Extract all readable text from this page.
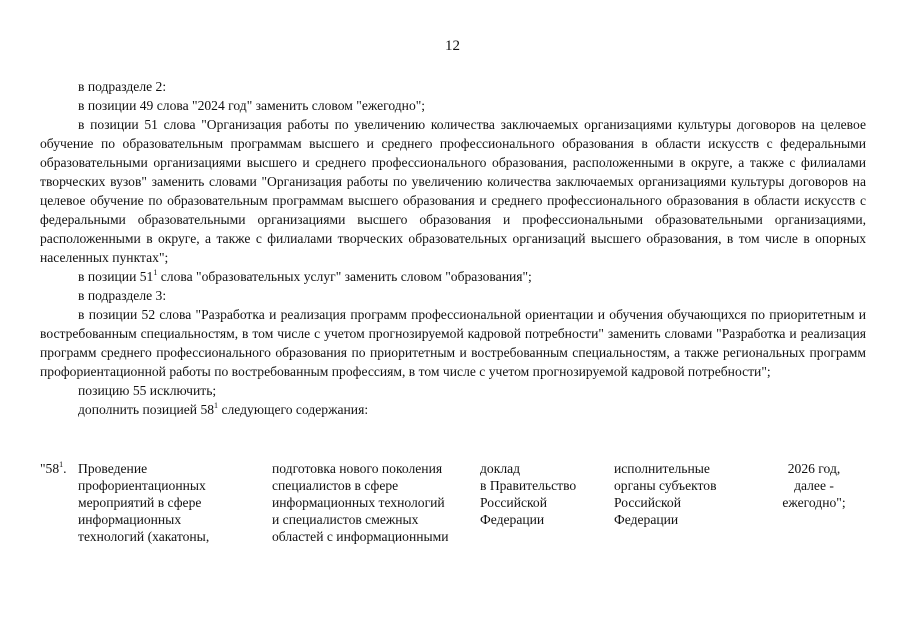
12

в подразделе 2:

в позиции 49 слова "2024 год" заменить словом "ежегодно";

в позиции 51 слова "Организация работы по увеличению количества заключаемых организациями культуры договоров на целевое обучение по образовательным программам высшего и среднего профессионального образования в области искусств с федеральными образовательными организациями высшего и среднего профессионального образования, расположенными в округе, а также с филиалами творческих вузов" заменить словами "Организация работы по увеличению количества заключаемых организациями культуры договоров на целевое обучение по образовательным программам высшего образования и среднего профессионального образования в области искусств с федеральными образовательными организациями высшего образования и профессиональными образовательными организациями, расположенными в округе, а также с филиалами творческих образовательных организаций высшего образования, в том числе в опорных населенных пунктах";

в позиции $51^1$ слова "образовательных услуг" заменить словом "образования";

в подразделе 3:

в позиции 52 слова "Разработка и реализация программ профессиональной ориентации и обучения обучающихся по приоритетным и востребованным специальностям, в том числе с учетом прогнозируемой кадровой потребности" заменить словами "Разработка и реализация программ среднего профессионального образования по приоритетным и востребованным специальностям, а также региональных программ профориентационной работы по востребованным профессиям, в том числе с учетом прогнозируемой кадровой потребности";

позицию 55 исключить;

дополнить позицией $58^1$ следующего содержания:

"$58^1$. Проведение
профориентационных
мероприятий в сфере
информационных
технологий (хакатоны,
подготовка нового поколения
специалистов в сфере
информационных технологий
и специалистов смежных
областей с информационными
доклад
в Правительство
Российской
Федерации
исполнительные
органы субъектов
Российской
Федерации
2026 год,
далее -
ежегодно";
